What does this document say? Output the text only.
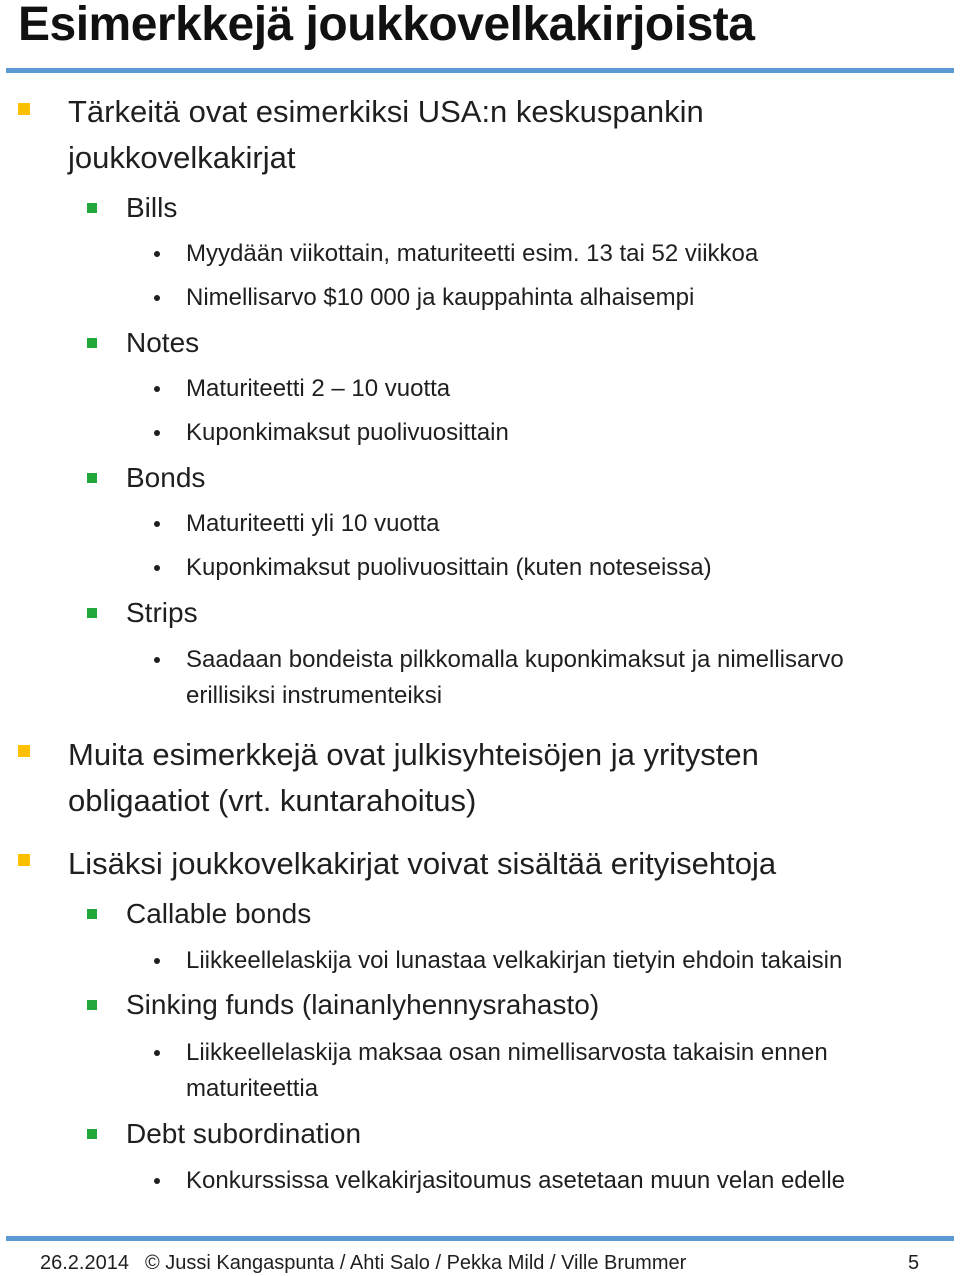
Esimerkkejä joukkovelkakirjoista
Tärkeitä ovat esimerkiksi USA:n keskuspankin
joukkovelkakirjat
Bills
Myydään viikottain, maturiteetti esim. 13 tai 52 viikkoa
Nimellisarvo $10 000 ja kauppahinta alhaisempi
Notes
Maturiteetti 2 – 10 vuotta
Kuponkimaksut puolivuosittain
Bonds
Maturiteetti yli 10 vuotta
Kuponkimaksut puolivuosittain (kuten noteseissa)
Strips
Saadaan bondeista pilkkomalla kuponkimaksut ja nimellisarvo
erillisiksi instrumenteiksi
Muita esimerkkejä ovat julkisyhteisöjen ja yritysten
obligaatiot (vrt. kuntarahoitus)
Lisäksi joukkovelkakirjat voivat sisältää erityisehtoja
Callable bonds
Liikkeellelaskija voi lunastaa velkakirjan tietyin ehdoin takaisin
Sinking funds (lainanlyhennysrahasto)
Liikkeellelaskija maksaa osan nimellisarvosta takaisin ennen
maturiteettia
Debt subordination
Konkurssissa velkakirjasitoumus asetetaan muun velan edelle
26.2.2014 © Jussi Kangaspunta / Ahti Salo / Pekka Mild / Ville Brummer	5
